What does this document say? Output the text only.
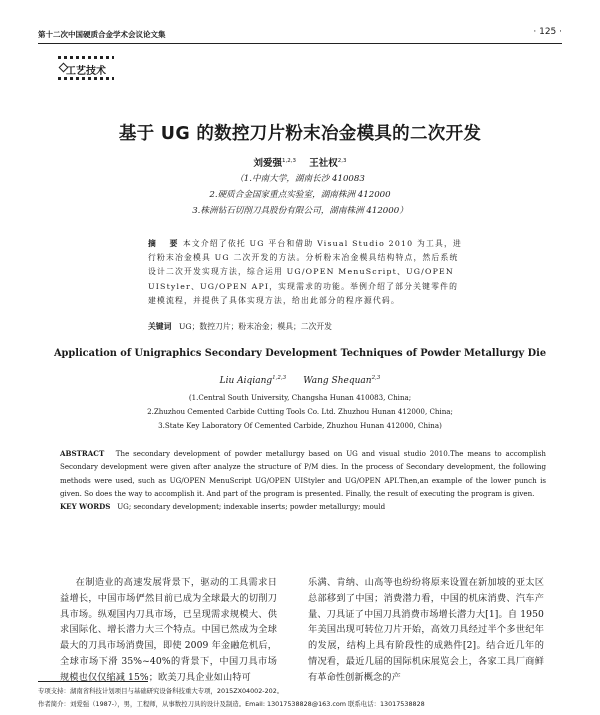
第十二次中国硬质合金学术会议论文集	· 125 ·
工艺技术
基于 UG 的数控刀片粉末冶金模具的二次开发
刘爱强$^{1,2,3}$ 王社权$^{2,3}$
（1.中南大学，湖南长沙 410083
2.硬质合金国家重点实验室，湖南株洲 412000
3.株洲钻石切削刀具股份有限公司，湖南株洲 412000）
摘　要 本文介绍了依托 UG 平台和借助 Visual Studio 2010 为工具，进行粉末冶金模具 UG 二次开发的方法。分析粉末冶金模具结构特点，然后系统设计二次开发实现方法，综合运用 UG/OPEN MenuScript、UG/OPEN UIStyler、UG/OPEN API，实现需求的功能。举例介绍了部分关键零件的建模流程，并提供了具体实现方法，给出此部分的程序源代码。
关键词 UG；数控刀片；粉末冶金；模具；二次开发
Application of Unigraphics Secondary Development Techniques of Powder Metallurgy Die
Liu Aiqiang$^{1,2,3}$ Wang Shequan$^{2,3}$
(1.Central South University, Changsha Hunan 410083, China;
2.Zhuzhou Cemented Carbide Cutting Tools Co. Ltd. Zhuzhou Hunan 412000, China;
3.State Key Laboratory Of Cemented Carbide, Zhuzhou Hunan 412000, China)
ABSTRACT The secondary development of powder metallurgy based on UG and visual studio 2010.The means to accomplish Secondary development were given after analyze the structure of P/M dies. In the process of Secondary development, the following methods were used, such as UG/OPEN MenuScript UG/OPEN UIStyler and UG/OPEN API.Then,an example of the lower punch is given. So does the way to accomplish it. And part of the program is presented. Finally, the result of executing the program is given.
KEY WORDS UG; secondary development; indexable inserts; powder metallurgy; mould
在制造业的高速发展背景下，驱动的工具需求日益增长，中国市场俨然目前已成为全球最大的切削刀具市场。纵观国内刀具市场，已呈现需求规模大、供求国际化、增长潜力大三个特点。中国已然成为全球最大的刀具市场消费国，即使 2009 年金融危机后，全球市场下滑 35%~40%的背景下，中国刀具市场规模也仅仅缩减 15%；欧美刀具企业如山特可
乐满、肯纳、山高等也纷纷将原来设置在新加坡的亚太区总部移到了中国；消费潜力看，中国的机床消费、汽车产量、刀具证了中国刀具消费市场增长潜力大[1]。自 1950 年美国出现可转位刀片开始，高效刀具经过半个多世纪年的发展，结构上具有阶段性的成熟件[2]。结合近几年的情况看，最近几届的国际机床展览会上，各家工具厂商鲜有革命性创新概念的产
专项支持：湖南省科技计划项目与基础研究设备科技重大专项，2015ZX04002-202。
作者简介：刘爱强（1987-），男，工程师，从事数控刀具的设计及制造。Email: 13017538828@163.com 联系电话：13017538828
